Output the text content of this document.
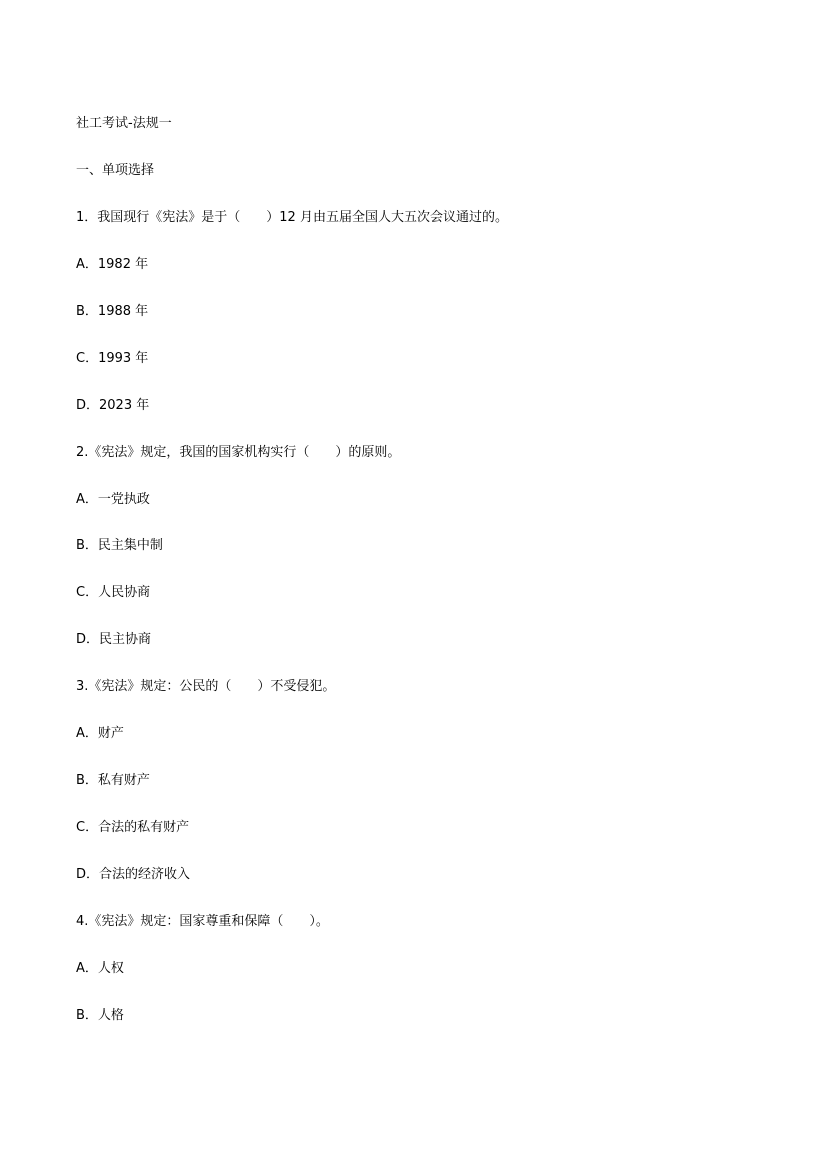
社工考试-法规一
一、单项选择
1．我国现行《宪法》是于（　　）12 月由五届全国人大五次会议通过的。
A．1982 年
B．1988 年
C．1993 年
D．2023 年
2.《宪法》规定，我国的国家机构实行（　　）的原则。
A．一党执政
B．民主集中制
C．人民协商
D．民主协商
3.《宪法》规定：公民的（　　）不受侵犯。
A．财产
B．私有财产
C．合法的私有财产
D．合法的经济收入
4.《宪法》规定：国家尊重和保障（　　）。
A．人权
B．人格
